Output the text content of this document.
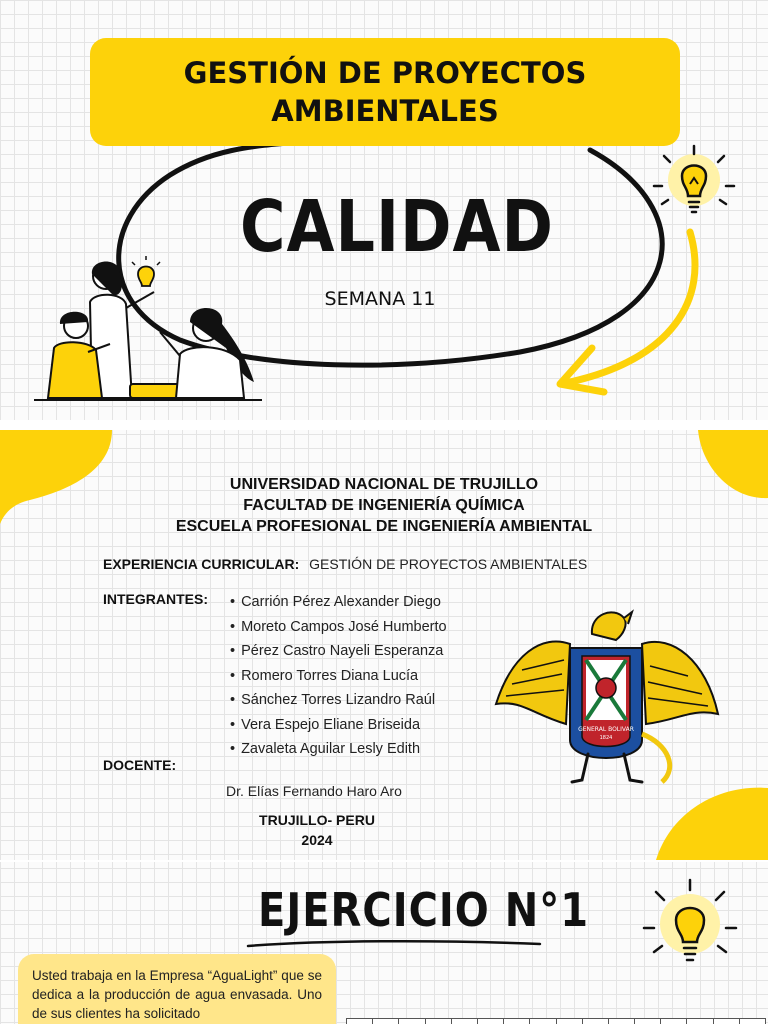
GESTIÓN DE PROYECTOS AMBIENTALES
CALIDAD
SEMANA 11
UNIVERSIDAD NACIONAL DE TRUJILLO
FACULTAD DE INGENIERÍA QUÍMICA
ESCUELA PROFESIONAL DE INGENIERÍA AMBIENTAL
EXPERIENCIA CURRICULAR: GESTIÓN DE PROYECTOS AMBIENTALES
INTEGRANTES:
•	Carrión Pérez Alexander Diego
• Moreto Campos José Humberto
• Pérez Castro Nayeli Esperanza
• Romero Torres Diana Lucía
• Sánchez Torres Lizandro Raúl
• Vera Espejo Eliane Briseida
• Zavaleta Aguilar Lesly Edith
DOCENTE:
Dr. Elías Fernando Haro Aro
TRUJILLO- PERU
2024
GENERAL BOLIVAR
1824
EJERCICIO N°1
Usted trabaja en la Empresa “AguaLight” que se dedica a la producción de agua envasada. Uno de sus clientes ha solicitado
